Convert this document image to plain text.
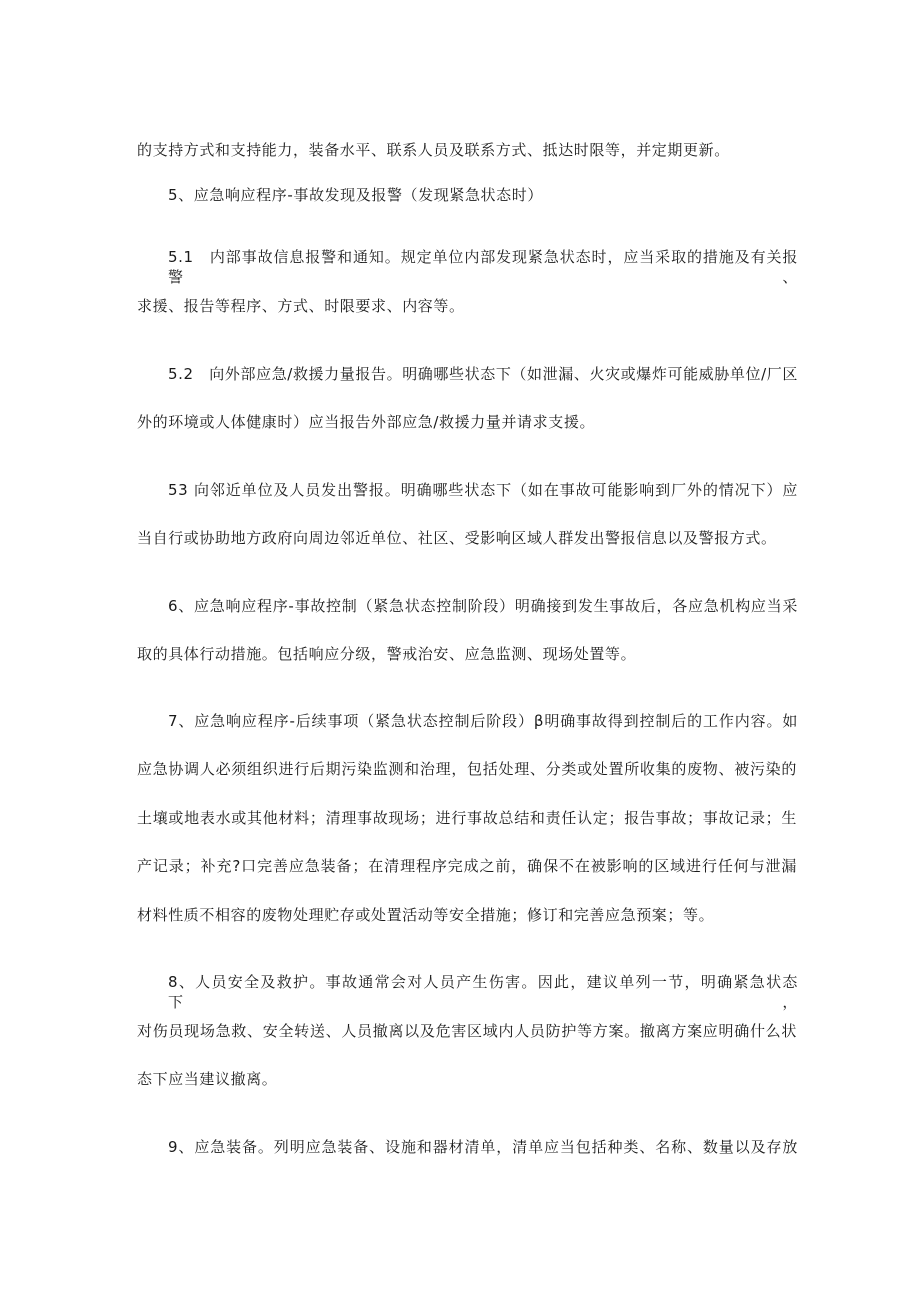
的支持方式和支持能力，装备水平、联系人员及联系方式、抵达时限等，并定期更新。
5、应急响应程序-事故发现及报警（发现紧急状态时）
5.1　内部事故信息报警和通知。规定单位内部发现紧急状态时，应当采取的措施及有关报警、
求援、报告等程序、方式、时限要求、内容等。
5.2　向外部应急/救援力量报告。明确哪些状态下（如泄漏、火灾或爆炸可能威胁单位/厂区
外的环境或人体健康时）应当报告外部应急/救援力量并请求支援。
53 向邻近单位及人员发出警报。明确哪些状态下（如在事故可能影响到厂外的情况下）应
当自行或协助地方政府向周边邻近单位、社区、受影响区域人群发出警报信息以及警报方式。
6、应急响应程序-事故控制（紧急状态控制阶段）明确接到发生事故后，各应急机构应当采
取的具体行动措施。包括响应分级，警戒治安、应急监测、现场处置等。
7、应急响应程序-后续事项（紧急状态控制后阶段）β明确事故得到控制后的工作内容。如
应急协调人必须组织进行后期污染监测和治理，包括处理、分类或处置所收集的废物、被污染的
土壤或地表水或其他材料；清理事故现场；进行事故总结和责任认定；报告事故；事故记录；生
产记录；补充?口完善应急装备；在清理程序完成之前，确保不在被影响的区域进行任何与泄漏
材料性质不相容的废物处理贮存或处置活动等安全措施；修订和完善应急预案；等。
8、人员安全及救护。事故通常会对人员产生伤害。因此，建议单列一节，明确紧急状态下，
对伤员现场急救、安全转送、人员撤离以及危害区域内人员防护等方案。撤离方案应明确什么状
态下应当建议撤离。
9、应急装备。列明应急装备、设施和器材清单，清单应当包括种类、名称、数量以及存放
